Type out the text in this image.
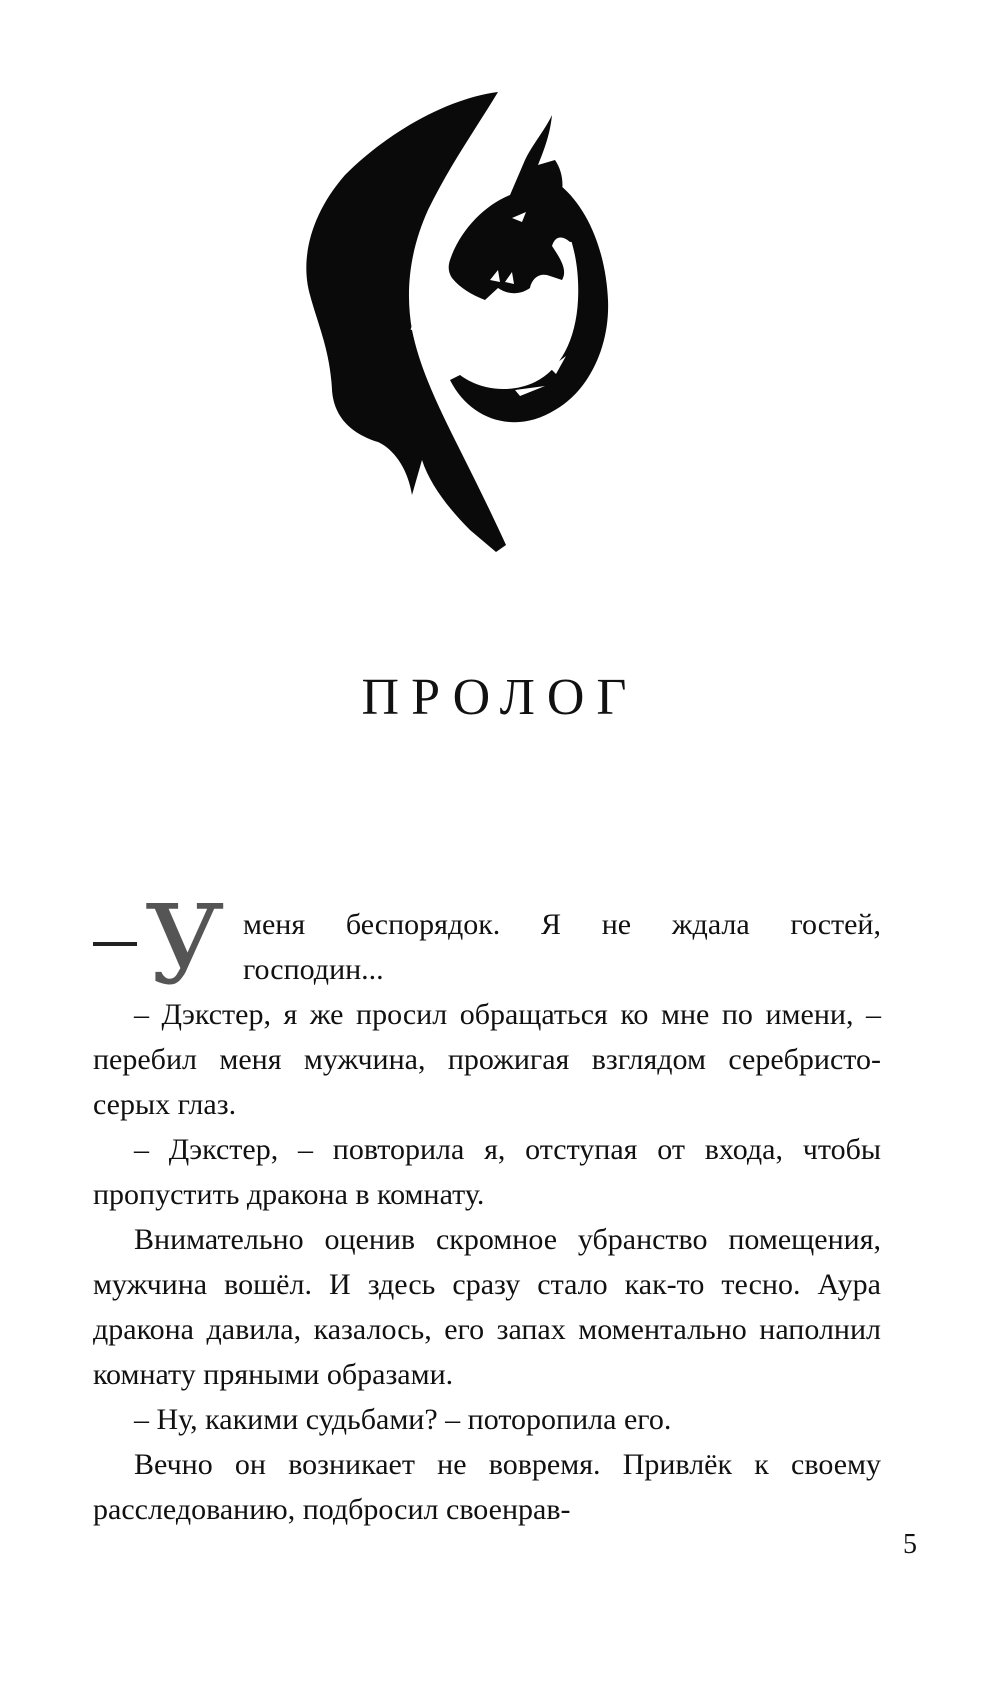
ПРОЛОГ
У меня беспорядок. Я не ждала гостей,
господин...

– Дэкстер, я же просил обращаться ко мне по имени, – перебил меня мужчина, прожигая взглядом серебристо-серых глаз.

– Дэкстер, – повторила я, отступая от входа, чтобы пропустить дракона в комнату.

Внимательно оценив скромное убранство помещения, мужчина вошёл. И здесь сразу стало как-то тесно. Аура дракона давила, казалось, его запах моментально наполнил комнату пряными образами.

– Ну, какими судьбами? – поторопила его.

Вечно он возникает не вовремя. Привлёк к своему расследованию, подбросил своенрав-

5
